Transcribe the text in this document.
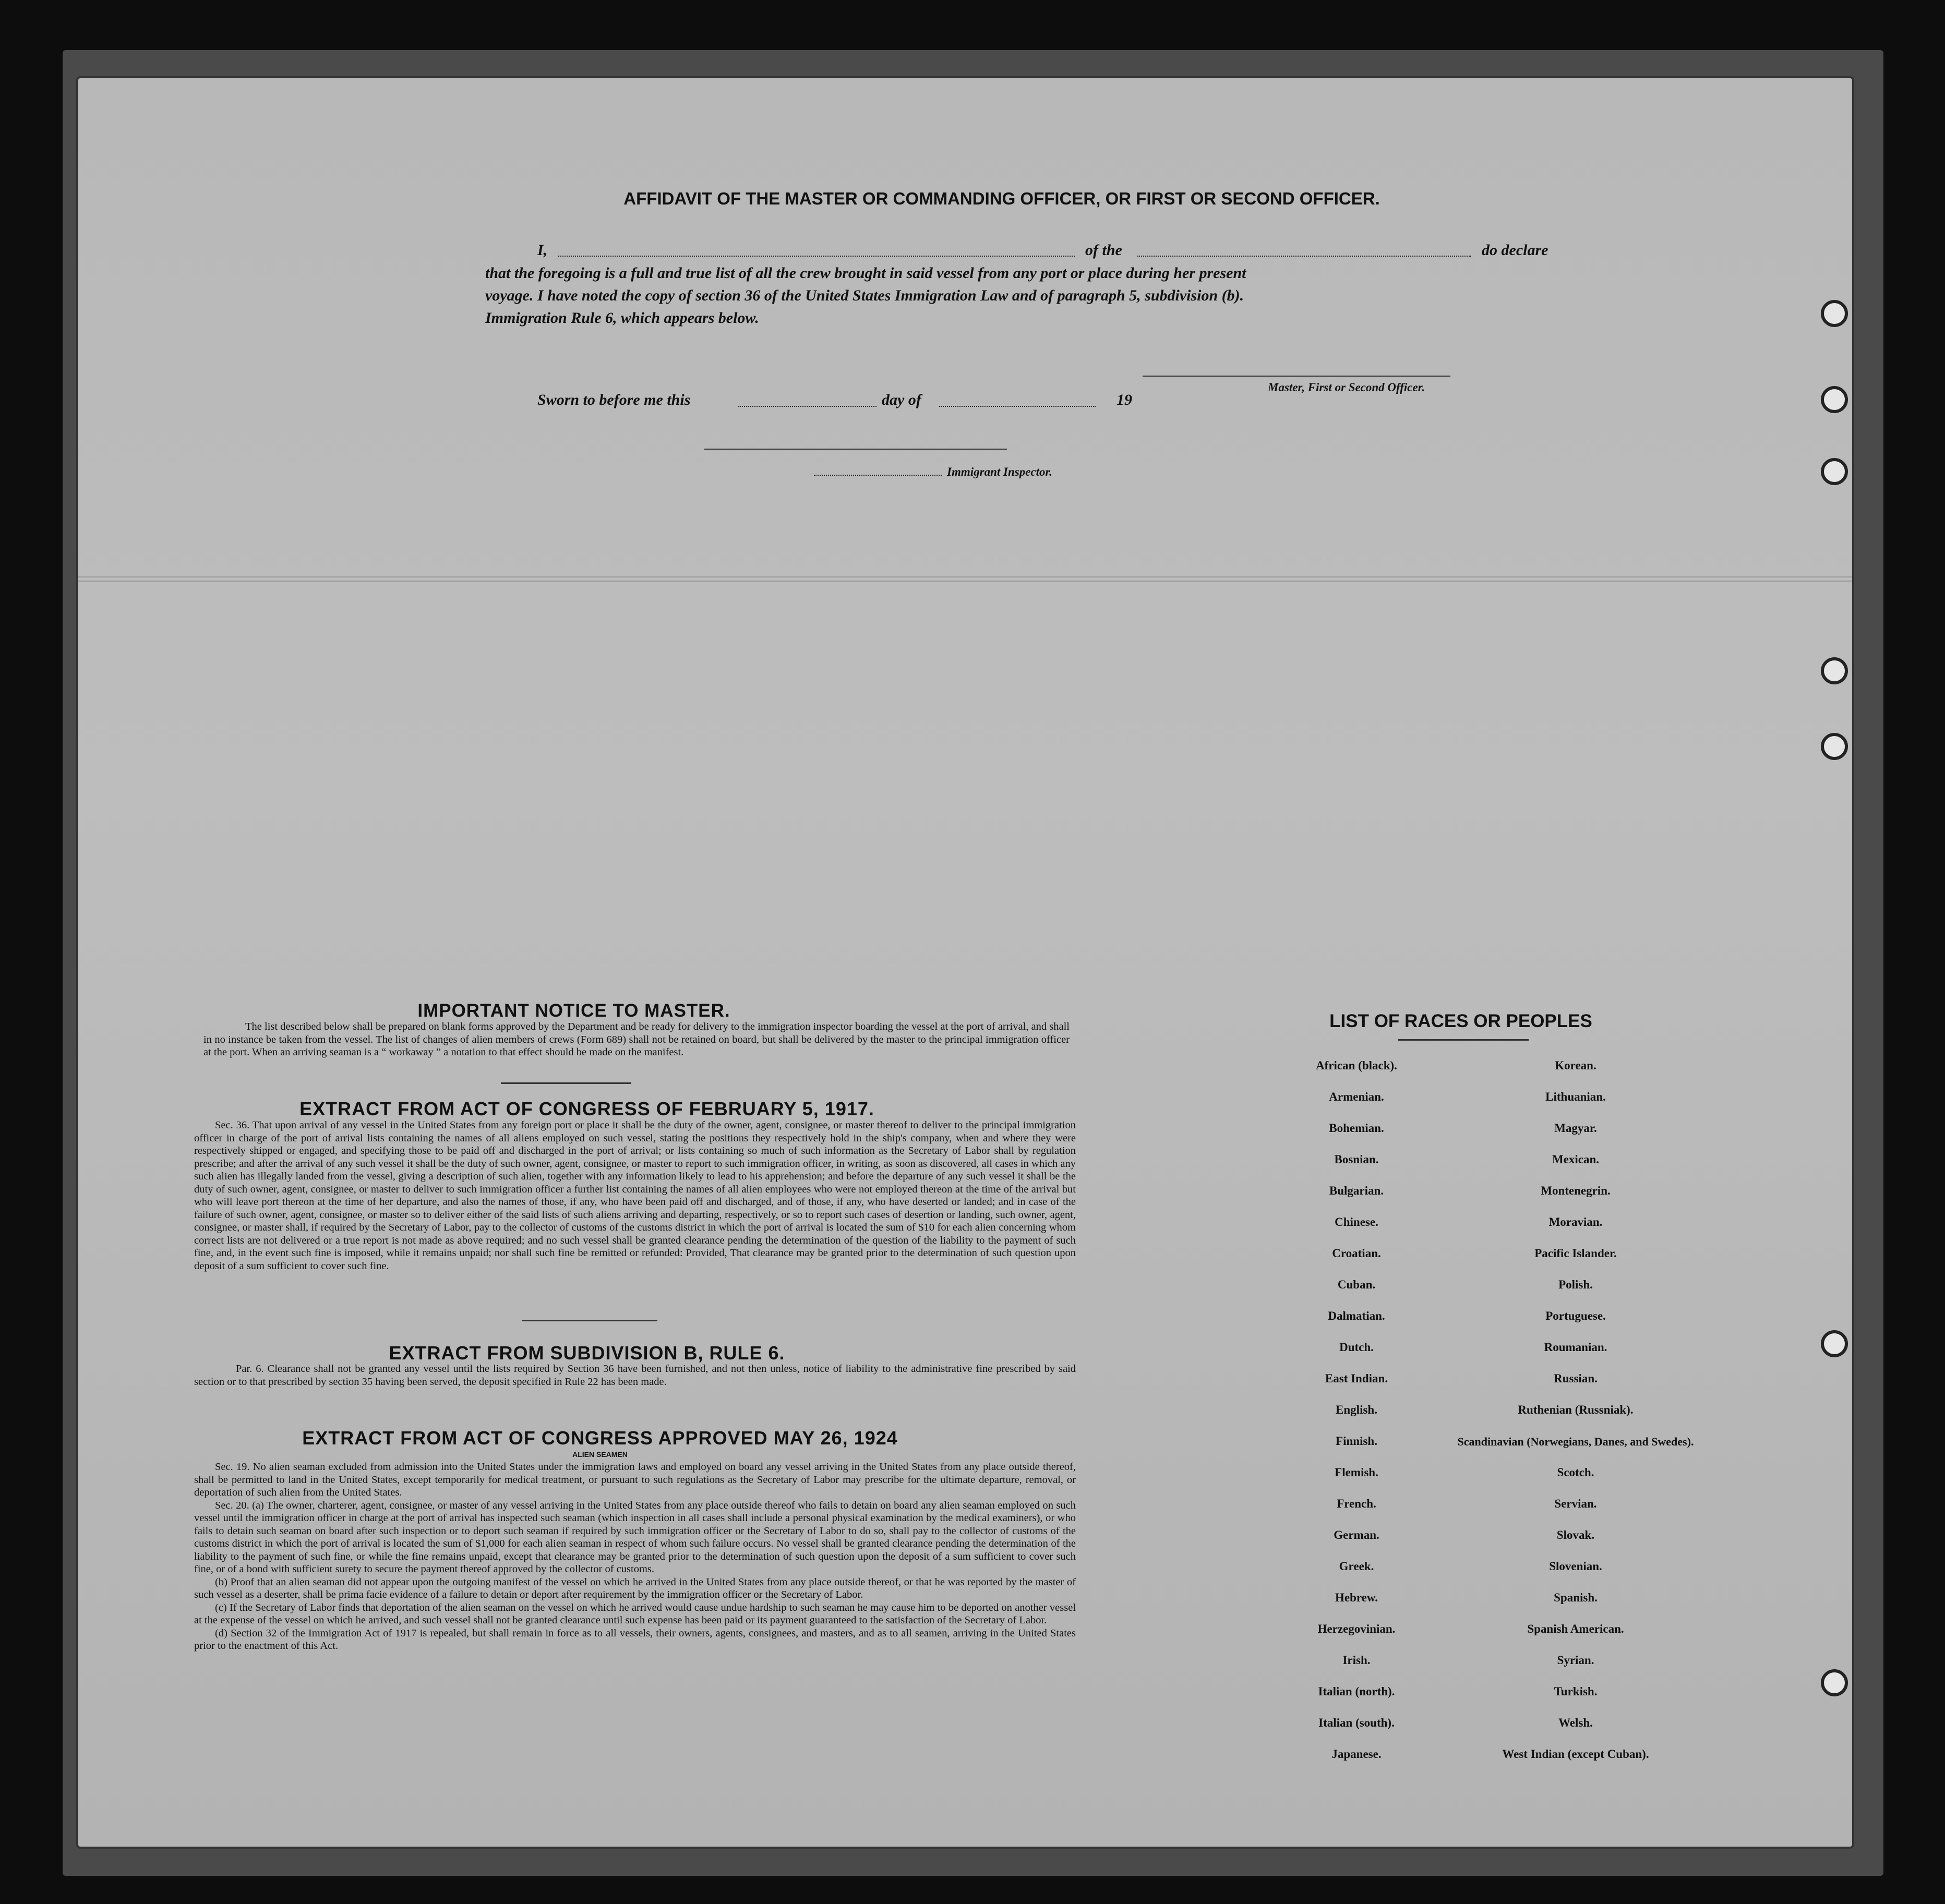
AFFIDAVIT OF THE MASTER OR COMMANDING OFFICER, OR FIRST OR SECOND OFFICER.
I,	of the	do declare
that the foregoing is a full and true list of all the crew brought in said vessel from any port or place during her present
voyage. I have noted the copy of section 36 of the United States Immigration Law and of paragraph 5, subdivision (b).
Immigration Rule 6, which appears below.
Master, First or Second Officer.
Sworn to before me this	day of	19
Immigrant Inspector.
IMPORTANT NOTICE TO MASTER.
The list described below shall be prepared on blank forms approved by the Department and be ready for delivery to the immigration inspector boarding the vessel at the port of arrival, and shall in no instance be taken from the vessel. The list of changes of alien members of crews (Form 689) shall not be retained on board, but shall be delivered by the master to the principal immigration officer at the port. When an arriving seaman is a “ workaway ” a notation to that effect should be made on the manifest.
EXTRACT FROM ACT OF CONGRESS OF FEBRUARY 5, 1917.
Sec. 36. That upon arrival of any vessel in the United States from any foreign port or place it shall be the duty of the owner, agent, consignee, or master thereof to deliver to the principal immigration officer in charge of the port of arrival lists containing the names of all aliens employed on such vessel, stating the positions they respectively hold in the ship's company, when and where they were respectively shipped or engaged, and specifying those to be paid off and discharged in the port of arrival; or lists containing so much of such information as the Secretary of Labor shall by regulation prescribe; and after the arrival of any such vessel it shall be the duty of such owner, agent, consignee, or master to report to such immigration officer, in writing, as soon as discovered, all cases in which any such alien has illegally landed from the vessel, giving a description of such alien, together with any information likely to lead to his apprehension; and before the departure of any such vessel it shall be the duty of such owner, agent, consignee, or master to deliver to such immigration officer a further list containing the names of all alien employees who were not employed thereon at the time of the arrival but who will leave port thereon at the time of her departure, and also the names of those, if any, who have been paid off and discharged, and of those, if any, who have deserted or landed; and in case of the failure of such owner, agent, consignee, or master so to deliver either of the said lists of such aliens arriving and departing, respectively, or so to report such cases of desertion or landing, such owner, agent, consignee, or master shall, if required by the Secretary of Labor, pay to the collector of customs of the customs district in which the port of arrival is located the sum of $10 for each alien concerning whom correct lists are not delivered or a true report is not made as above required; and no such vessel shall be granted clearance pending the determination of the question of the liability to the payment of such fine, and, in the event such fine is imposed, while it remains unpaid; nor shall such fine be remitted or refunded: Provided, That clearance may be granted prior to the determination of such question upon deposit of a sum sufficient to cover such fine.
EXTRACT FROM SUBDIVISION B, RULE 6.
Par. 6. Clearance shall not be granted any vessel until the lists required by Section 36 have been furnished, and not then unless, notice of liability to the administrative fine prescribed by said section or to that prescribed by section 35 having been served, the deposit specified in Rule 22 has been made.
EXTRACT FROM ACT OF CONGRESS APPROVED MAY 26, 1924
ALIEN SEAMEN
Sec. 19. No alien seaman excluded from admission into the United States under the immigration laws and employed on board any vessel arriving in the United States from any place outside thereof, shall be permitted to land in the United States, except temporarily for medical treatment, or pursuant to such regulations as the Secretary of Labor may prescribe for the ultimate departure, removal, or deportation of such alien from the United States.
Sec. 20. (a) The owner, charterer, agent, consignee, or master of any vessel arriving in the United States from any place outside thereof who fails to detain on board any alien seaman employed on such vessel until the immigration officer in charge at the port of arrival has inspected such seaman (which inspection in all cases shall include a personal physical examination by the medical examiners), or who fails to detain such seaman on board after such inspection or to deport such seaman if required by such immigration officer or the Secretary of Labor to do so, shall pay to the collector of customs of the customs district in which the port of arrival is located the sum of $1,000 for each alien seaman in respect of whom such failure occurs. No vessel shall be granted clearance pending the determination of the liability to the payment of such fine, or while the fine remains unpaid, except that clearance may be granted prior to the determination of such question upon the deposit of a sum sufficient to cover such fine, or of a bond with sufficient surety to secure the payment thereof approved by the collector of customs.
(b) Proof that an alien seaman did not appear upon the outgoing manifest of the vessel on which he arrived in the United States from any place outside thereof, or that he was reported by the master of such vessel as a deserter, shall be prima facie evidence of a failure to detain or deport after requirement by the immigration officer or the Secretary of Labor.
(c) If the Secretary of Labor finds that deportation of the alien seaman on the vessel on which he arrived would cause undue hardship to such seaman he may cause him to be deported on another vessel at the expense of the vessel on which he arrived, and such vessel shall not be granted clearance until such expense has been paid or its payment guaranteed to the satisfaction of the Secretary of Labor.
(d) Section 32 of the Immigration Act of 1917 is repealed, but shall remain in force as to all vessels, their owners, agents, consignees, and masters, and as to all seamen, arriving in the United States prior to the enactment of this Act.
LIST OF RACES OR PEOPLES
African (black).
Armenian.
Bohemian.
Bosnian.
Bulgarian.
Chinese.
Croatian.
Cuban.
Dalmatian.
Dutch.
East Indian.
English.
Finnish.
Flemish.
French.
German.
Greek.
Hebrew.
Herzegovinian.
Irish.
Italian (north).
Italian (south).
Japanese.
Korean.
Lithuanian.
Magyar.
Mexican.
Montenegrin.
Moravian.
Pacific Islander.
Polish.
Portuguese.
Roumanian.
Russian.
Ruthenian (Russniak).
Scandinavian (Norwegians, Danes, and Swedes).
Scotch.
Servian.
Slovak.
Slovenian.
Spanish.
Spanish American.
Syrian.
Turkish.
Welsh.
West Indian (except Cuban).
